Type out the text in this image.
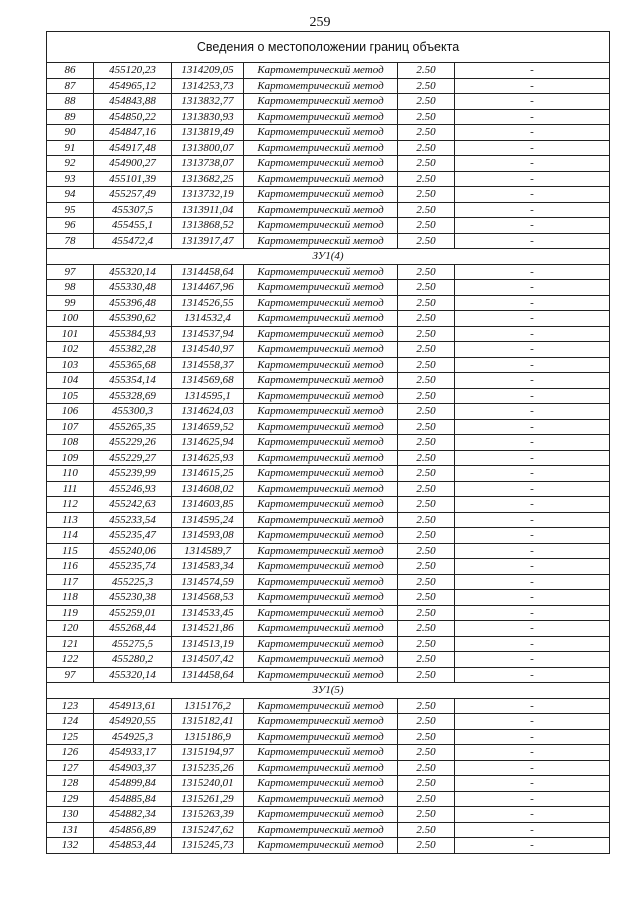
259
Сведения о местоположении границ объекта					
86	455120,23	1314209,05	Картометрический метод	2.50	-
87	454965,12	1314253,73	Картометрический метод	2.50	-
88	454843,88	1313832,77	Картометрический метод	2.50	-
89	454850,22	1313830,93	Картометрический метод	2.50	-
90	454847,16	1313819,49	Картометрический метод	2.50	-
91	454917,48	1313800,07	Картометрический метод	2.50	-
92	454900,27	1313738,07	Картометрический метод	2.50	-
93	455101,39	1313682,25	Картометрический метод	2.50	-
94	455257,49	1313732,19	Картометрический метод	2.50	-
95	455307,5	1313911,04	Картометрический метод	2.50	-
96	455455,1	1313868,52	Картометрический метод	2.50	-
78	455472,4	1313917,47	Картометрический метод	2.50	-
ЗУ1(4)					
97	455320,14	1314458,64	Картометрический метод	2.50	-
98	455330,48	1314467,96	Картометрический метод	2.50	-
99	455396,48	1314526,55	Картометрический метод	2.50	-
100	455390,62	1314532,4	Картометрический метод	2.50	-
101	455384,93	1314537,94	Картометрический метод	2.50	-
102	455382,28	1314540,97	Картометрический метод	2.50	-
103	455365,68	1314558,37	Картометрический метод	2.50	-
104	455354,14	1314569,68	Картометрический метод	2.50	-
105	455328,69	1314595,1	Картометрический метод	2.50	-
106	455300,3	1314624,03	Картометрический метод	2.50	-
107	455265,35	1314659,52	Картометрический метод	2.50	-
108	455229,26	1314625,94	Картометрический метод	2.50	-
109	455229,27	1314625,93	Картометрический метод	2.50	-
110	455239,99	1314615,25	Картометрический метод	2.50	-
111	455246,93	1314608,02	Картометрический метод	2.50	-
112	455242,63	1314603,85	Картометрический метод	2.50	-
113	455233,54	1314595,24	Картометрический метод	2.50	-
114	455235,47	1314593,08	Картометрический метод	2.50	-
115	455240,06	1314589,7	Картометрический метод	2.50	-
116	455235,74	1314583,34	Картометрический метод	2.50	-
117	455225,3	1314574,59	Картометрический метод	2.50	-
118	455230,38	1314568,53	Картометрический метод	2.50	-
119	455259,01	1314533,45	Картометрический метод	2.50	-
120	455268,44	1314521,86	Картометрический метод	2.50	-
121	455275,5	1314513,19	Картометрический метод	2.50	-
122	455280,2	1314507,42	Картометрический метод	2.50	-
97	455320,14	1314458,64	Картометрический метод	2.50	-
ЗУ1(5)					
123	454913,61	1315176,2	Картометрический метод	2.50	-
124	454920,55	1315182,41	Картометрический метод	2.50	-
125	454925,3	1315186,9	Картометрический метод	2.50	-
126	454933,17	1315194,97	Картометрический метод	2.50	-
127	454903,37	1315235,26	Картометрический метод	2.50	-
128	454899,84	1315240,01	Картометрический метод	2.50	-
129	454885,84	1315261,29	Картометрический метод	2.50	-
130	454882,34	1315263,39	Картометрический метод	2.50	-
131	454856,89	1315247,62	Картометрический метод	2.50	-
132	454853,44	1315245,73	Картометрический метод	2.50	-
